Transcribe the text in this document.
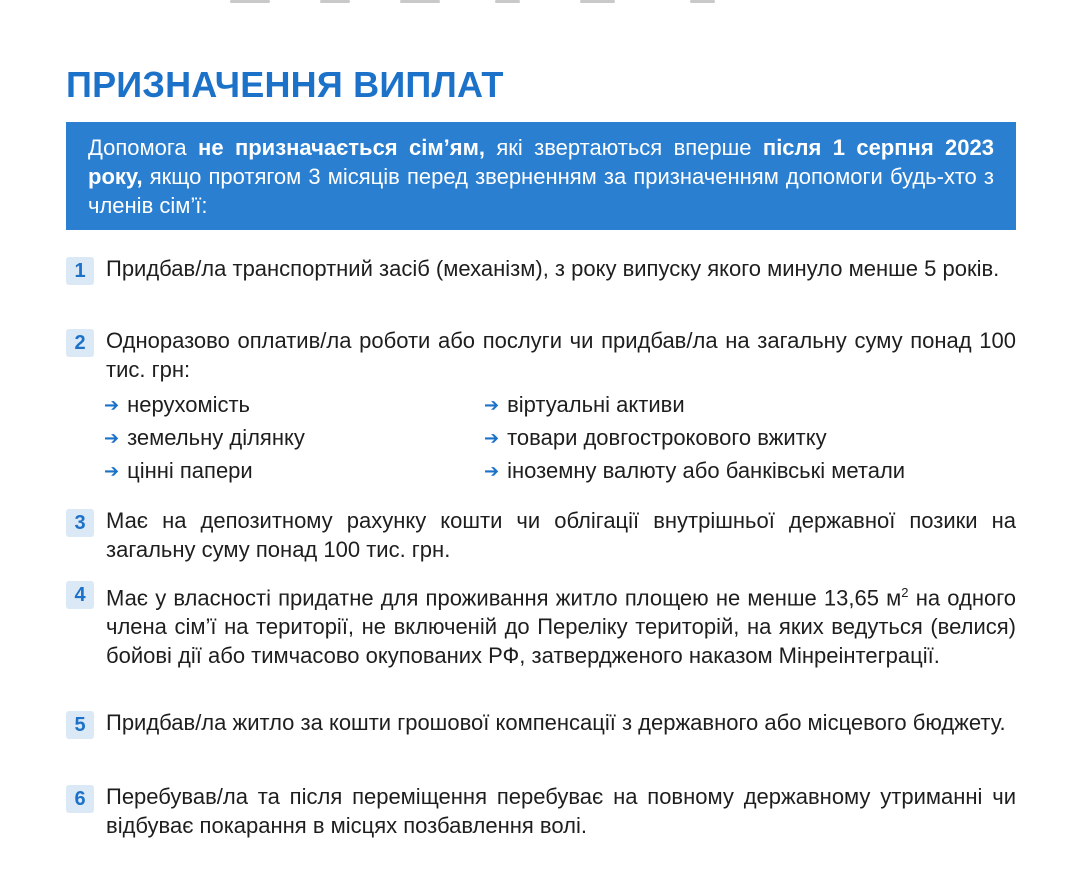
ПРИЗНАЧЕННЯ ВИПЛАТ
Допомога не призначається сім’ям, які звертаються вперше після 1 серпня 2023 року, якщо протягом 3 місяців перед зверненням за призначенням допомоги будь-хто з членів сім’ї:
1 Придбав/ла транспортний засіб (механізм), з року випуску якого минуло менше 5 років.
2 Одноразово оплатив/ла роботи або послуги чи придбав/ла на загальну суму понад 100 тис. грн:
➔ нерухомість
➔ земельну ділянку
➔ цінні папери
➔ віртуальні активи
➔ товари довгострокового вжитку
➔ іноземну валюту або банківські метали
3 Має на депозитному рахунку кошти чи облігації внутрішньої державної позики на загальну суму понад 100 тис. грн.
4 Має у власності придатне для проживання житло площею не менше 13,65 $м^2$ на одного члена сім’ї на території, не включеній до Переліку територій, на яких ведуться (велися) бойові дії або тимчасово окупованих РФ, затвердженого наказом Мінреінтеграції.
5 Придбав/ла житло за кошти грошової компенсації з державного або місцевого бюджету.
6 Перебував/ла та після переміщення перебуває на повному державному утриманні чи відбуває покарання в місцях позбавлення волі.
